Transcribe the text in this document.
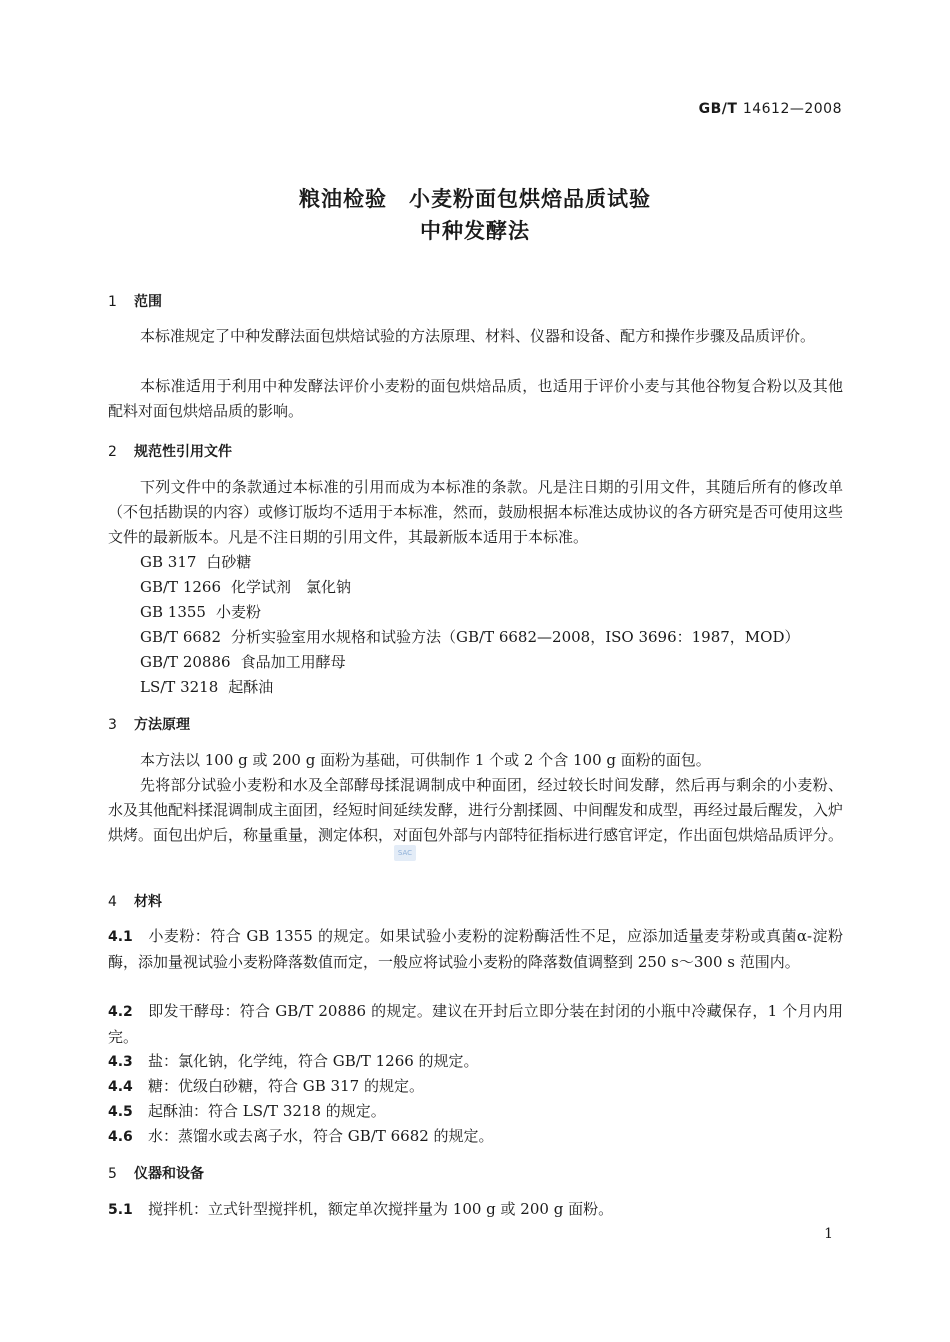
GB/T 14612—2008
粮油检验　小麦粉面包烘焙品质试验
中种发酵法
1 范围
本标准规定了中种发酵法面包烘焙试验的方法原理、材料、仪器和设备、配方和操作步骤及品质评价。
本标准适用于利用中种发酵法评价小麦粉的面包烘焙品质，也适用于评价小麦与其他谷物复合粉以及其他配料对面包烘焙品质的影响。
2 规范性引用文件
下列文件中的条款通过本标准的引用而成为本标准的条款。凡是注日期的引用文件，其随后所有的修改单（不包括勘误的内容）或修订版均不适用于本标准，然而，鼓励根据本标准达成协议的各方研究是否可使用这些文件的最新版本。凡是不注日期的引用文件，其最新版本适用于本标准。
GB 317 白砂糖
GB/T 1266 化学试剂　氯化钠
GB 1355 小麦粉
GB/T 6682 分析实验室用水规格和试验方法（GB/T 6682—2008，ISO 3696：1987，MOD）
GB/T 20886 食品加工用酵母
LS/T 3218 起酥油
3 方法原理
本方法以 100 g 或 200 g 面粉为基础，可供制作 1 个或 2 个含 100 g 面粉的面包。
先将部分试验小麦粉和水及全部酵母揉混调制成中种面团，经过较长时间发酵，然后再与剩余的小麦粉、水及其他配料揉混调制成主面团，经短时间延续发酵，进行分割揉圆、中间醒发和成型，再经过最后醒发，入炉烘烤。面包出炉后，称量重量，测定体积，对面包外部与内部特征指标进行感官评定，作出面包烘焙品质评分。
SAC
4 材料
4.1 小麦粉：符合 GB 1355 的规定。如果试验小麦粉的淀粉酶活性不足，应添加适量麦芽粉或真菌α-淀粉酶，添加量视试验小麦粉降落数值而定，一般应将试验小麦粉的降落数值调整到 250 s～300 s 范围内。
4.2 即发干酵母：符合 GB/T 20886 的规定。建议在开封后立即分装在封闭的小瓶中冷藏保存，1 个月内用完。
4.3 盐：氯化钠，化学纯，符合 GB/T 1266 的规定。
4.4 糖：优级白砂糖，符合 GB 317 的规定。
4.5 起酥油：符合 LS/T 3218 的规定。
4.6 水：蒸馏水或去离子水，符合 GB/T 6682 的规定。
5 仪器和设备
5.1 搅拌机：立式针型搅拌机，额定单次搅拌量为 100 g 或 200 g 面粉。
1
